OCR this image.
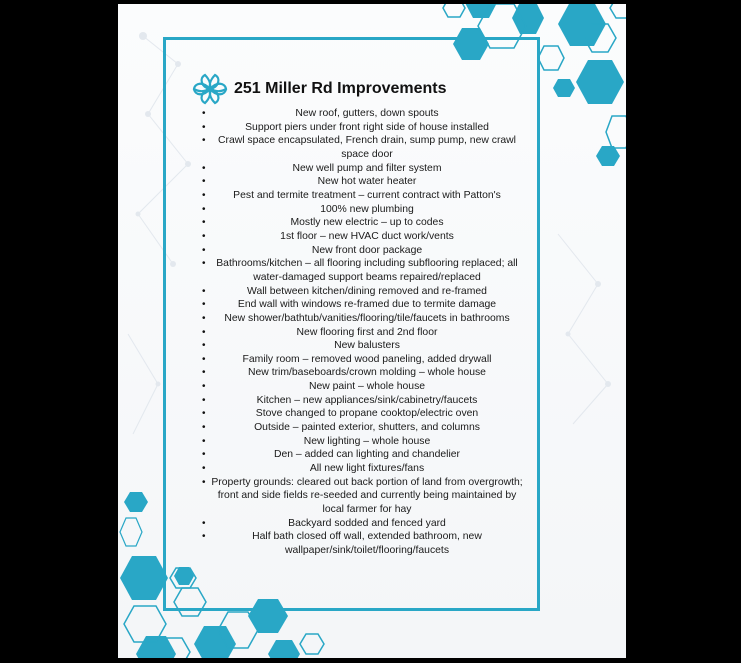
251 Miller Rd Improvements
•	New roof, gutters, down spouts
•	Support piers under front right side of house installed
• Crawl space encapsulated, French drain, sump pump, new crawl space door
•	New well pump and filter system
•	New hot water heater
•	Pest and termite treatment – current contract with Patton's
•	100% new plumbing
•	Mostly new electric – up to codes
•	1st floor – new HVAC duct work/vents
•	New front door package
• Bathrooms/kitchen – all flooring including subflooring replaced; all water-damaged support beams repaired/replaced
•	Wall between kitchen/dining removed and re-framed
•	End wall with windows re-framed due to termite damage
• New shower/bathtub/vanities/flooring/tile/faucets in bathrooms
•	New flooring first and 2nd floor
•	New balusters
•	Family room – removed wood paneling, added drywall
•	New trim/baseboards/crown molding – whole house
•	New paint – whole house
•	Kitchen – new appliances/sink/cabinetry/faucets
•	Stove changed to propane cooktop/electric oven
•	Outside – painted exterior, shutters, and columns
•	New lighting – whole house
•	Den – added can lighting and chandelier
•	All new light fixtures/fans
• Property grounds: cleared out back portion of land from overgrowth; front and side fields re-seeded and currently being maintained by local farmer for hay
•	Backyard sodded and fenced yard
•	Half bath closed off wall, extended bathroom, new wallpaper/sink/toilet/flooring/faucets
